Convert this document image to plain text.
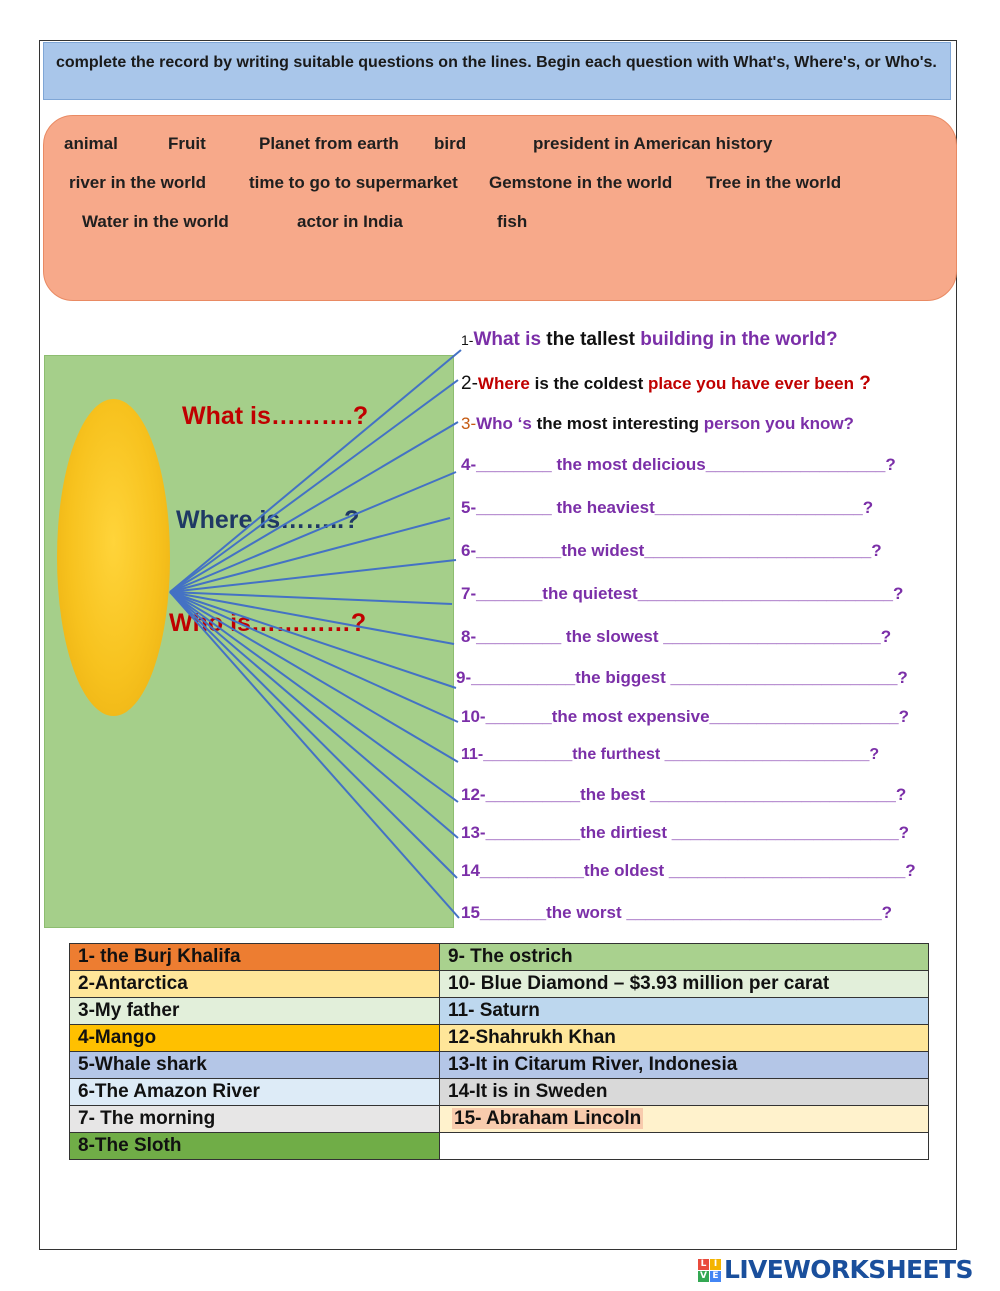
complete the record by writing suitable questions on the lines. Begin each question with What's, Where's, or Who's.
animal	Fruit	Planet from earth bird	president in American history
river in the world	time to go to supermarket Gemstone in the world Tree in the world
Water in the world	actor in India	fish
What is……….?
Where is……..?
Who is…………?
1-What is the tallest building in the world?
2-Where is the coldest place you have ever been ?
3-Who ‘s the most interesting person you know?
4-________ the most delicious___________________?
5-________ the heaviest______________________?
6-_________the widest________________________?
7-_______the quietest___________________________?
8-_________ the slowest _______________________?
9-___________the biggest ________________________?
10-_______the most expensive____________________?
11-__________the furthest _______________________?
12-__________the best __________________________?
13-__________the dirtiest ________________________?
14___________the oldest _________________________?
15_______the worst ___________________________?
1- the Burj Khalifa	9- The ostrich
2-Antarctica	10- Blue Diamond – $3.93 million per carat
3-My father	11- Saturn
4-Mango	12-Shahrukh Khan
5-Whale shark	13-It in Citarum River, Indonesia
6-The Amazon River	14-It is in Sweden
7- The morning	15- Abraham Lincoln
8-The Sloth	
L I
V E LIVEWORKSHEETS
